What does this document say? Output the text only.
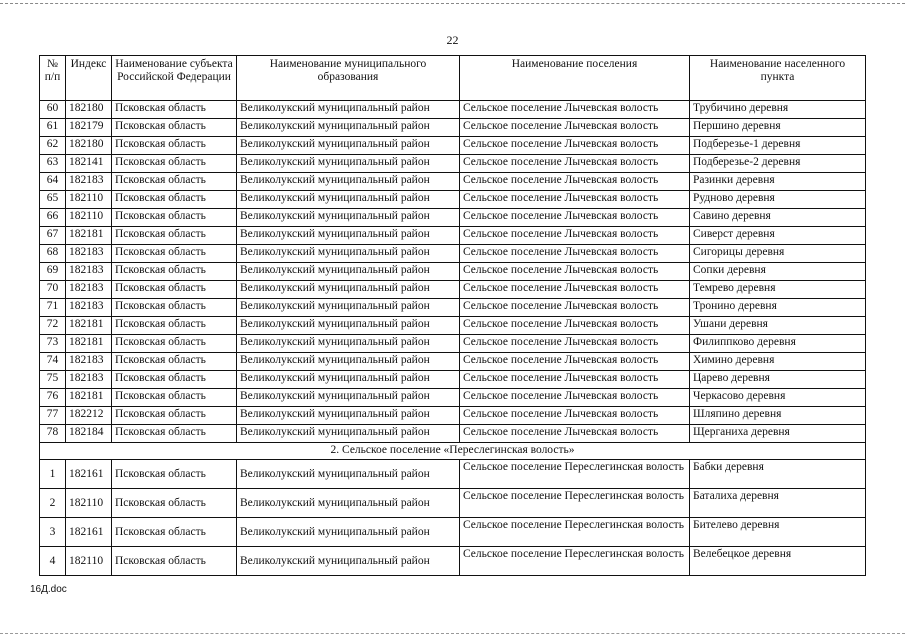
22
№ п/п	Индекс	Наименование субъекта Российской Федерации	Наименование муниципального образования	Наименование поселения	Наименование населенного пункта
60	182180	Псковская область	Великолукский муниципальный район	Сельское поселение Лычевская волость	Трубичино деревня
61	182179	Псковская область	Великолукский муниципальный район	Сельское поселение Лычевская волость	Першино деревня
62	182180	Псковская область	Великолукский муниципальный район	Сельское поселение Лычевская волость	Подберезье-1 деревня
63	182141	Псковская область	Великолукский муниципальный район	Сельское поселение Лычевская волость	Подберезье-2 деревня
64	182183	Псковская область	Великолукский муниципальный район	Сельское поселение Лычевская волость	Разинки деревня
65	182110	Псковская область	Великолукский муниципальный район	Сельское поселение Лычевская волость	Руднoво деревня
66	182110	Псковская область	Великолукский муниципальный район	Сельское поселение Лычевская волость	Савино деревня
67	182181	Псковская область	Великолукский муниципальный район	Сельское поселение Лычевская волость	Сиверст деревня
68	182183	Псковская область	Великолукский муниципальный район	Сельское поселение Лычевская волость	Сигорицы деревня
69	182183	Псковская область	Великолукский муниципальный район	Сельское поселение Лычевская волость	Сопки деревня
70	182183	Псковская область	Великолукский муниципальный район	Сельское поселение Лычевская волость	Темрево деревня
71	182183	Псковская область	Великолукский муниципальный район	Сельское поселение Лычевская волость	Тронино деревня
72	182181	Псковская область	Великолукский муниципальный район	Сельское поселение Лычевская волость	Ушани деревня
73	182181	Псковская область	Великолукский муниципальный район	Сельское поселение Лычевская волость	Филиппково деревня
74	182183	Псковская область	Великолукский муниципальный район	Сельское поселение Лычевская волость	Химино деревня
75	182183	Псковская область	Великолукский муниципальный район	Сельское поселение Лычевская волость	Царево деревня
76	182181	Псковская область	Великолукский муниципальный район	Сельское поселение Лычевская волость	Черкасово деревня
77	182212	Псковская область	Великолукский муниципальный район	Сельское поселение Лычевская волость	Шляпино деревня
78	182184	Псковская область	Великолукский муниципальный район	Сельское поселение Лычевская волость	Щерганиха деревня
2. Сельское поселение «Переслегинская волость»					
1	182161	Псковская область	Великолукский муниципальный район	Сельское поселение Переслегинская волость	Бабки деревня
2	182110	Псковская область	Великолукский муниципальный район	Сельское поселение Переслегинская волость	Баталиха деревня
3	182161	Псковская область	Великолукский муниципальный район	Сельское поселение Переслегинская волость	Бителево деревня
4	182110	Псковская область	Великолукский муниципальный район	Сельское поселение Переслегинская волость	Велебецкое деревня
16Д.doc
